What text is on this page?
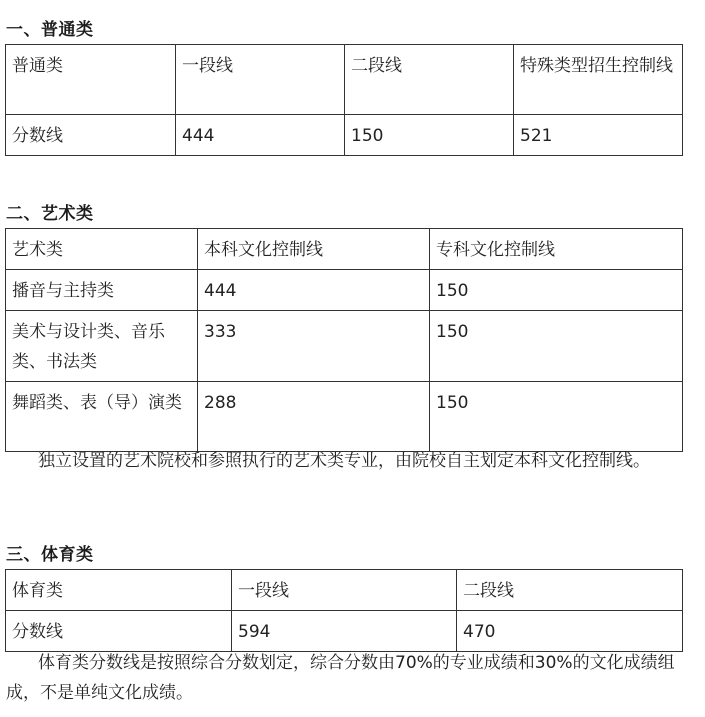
一、普通类
普通类	一段线	二段线	特殊类型招生控制线
分数线	444	150	521
二、艺术类
艺术类	本科文化控制线	专科文化控制线
播音与主持类	444	150
美术与设计类、音乐类、书法类	333	150
舞蹈类、表（导）演类	288	150
独立设置的艺术院校和参照执行的艺术类专业，由院校自主划定本科文化控制线。
三、体育类
体育类	一段线	二段线
分数线	594	470
体育类分数线是按照综合分数划定，综合分数由70%的专业成绩和30%的文化成绩组成，不是单纯文化成绩。
